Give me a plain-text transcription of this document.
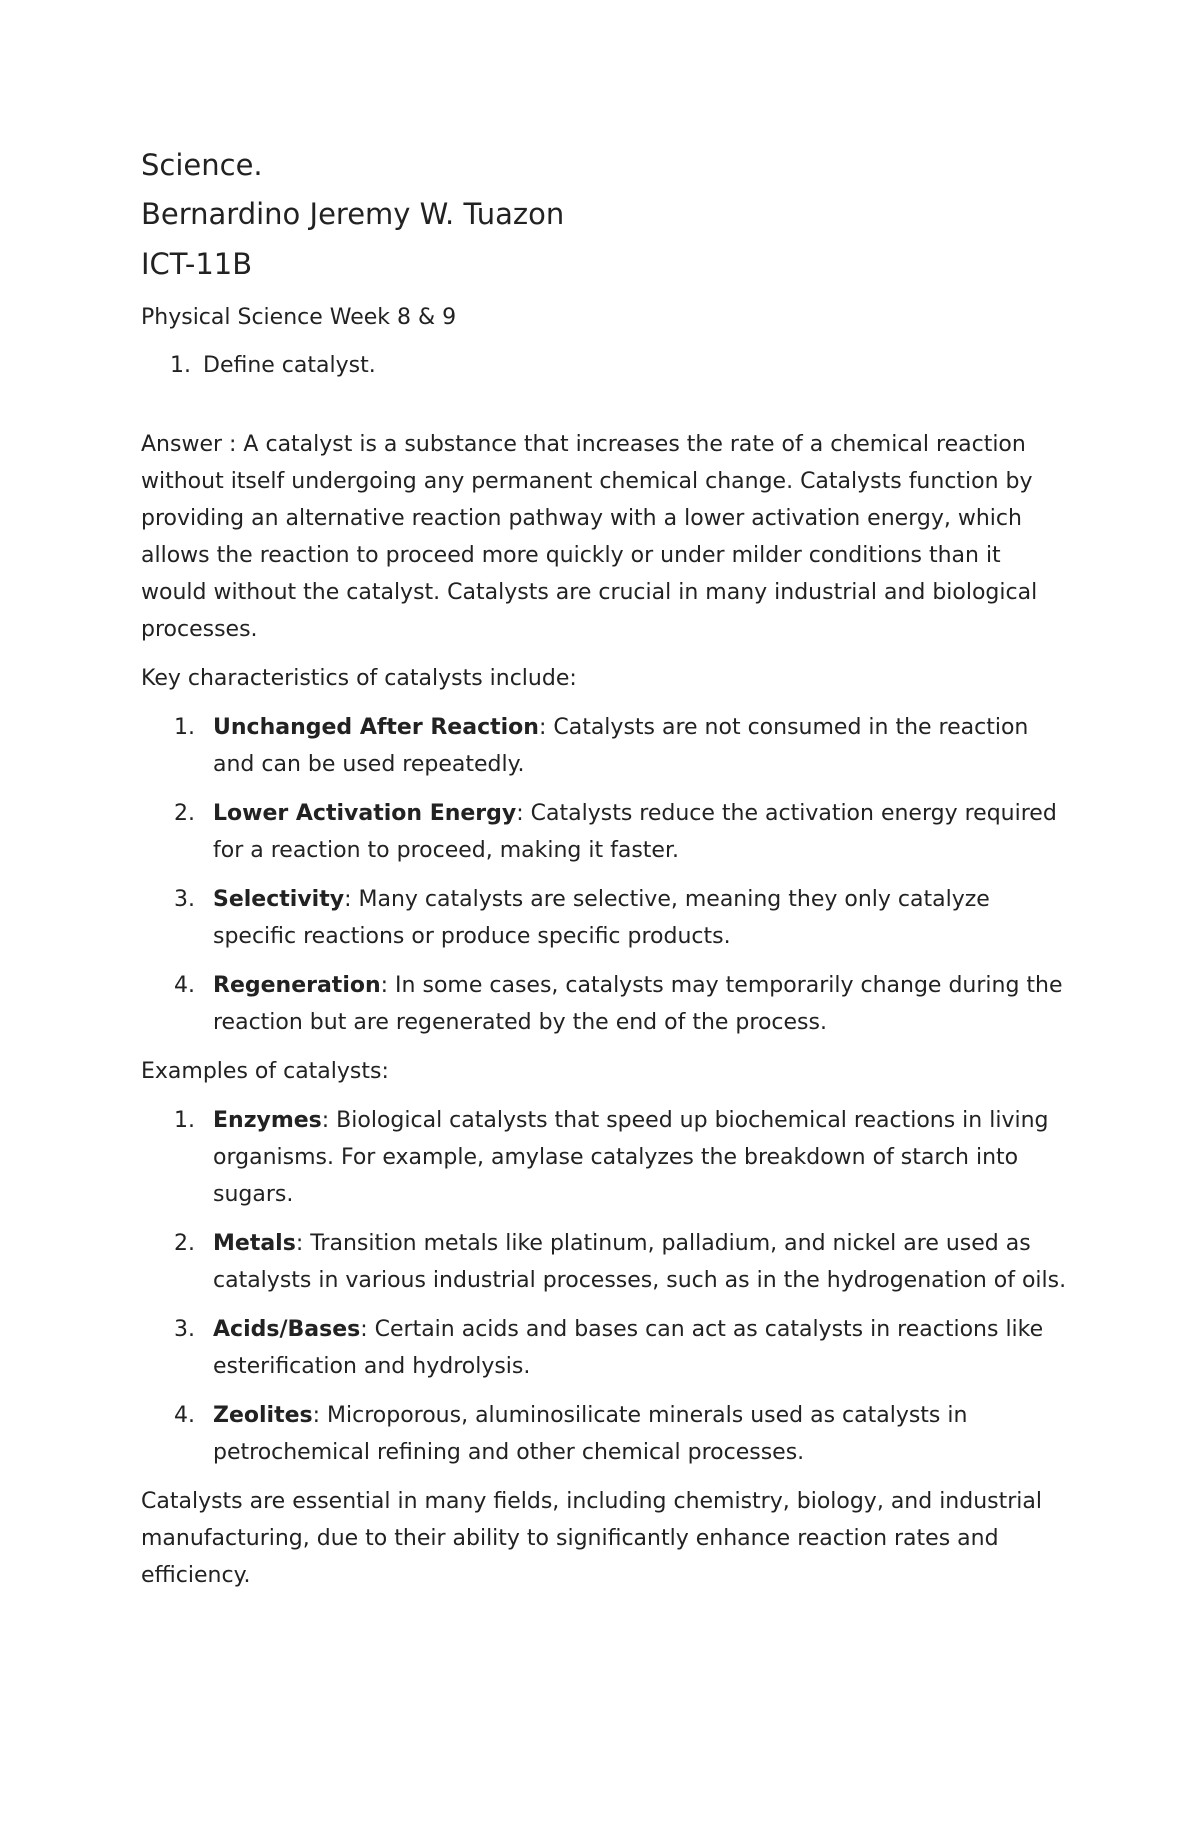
Science.
Bernardino Jeremy W. Tuazon
ICT-11B

Physical Science Week 8 & 9

1. Define catalyst.

Answer : A catalyst is a substance that increases the rate of a chemical reaction without itself undergoing any permanent chemical change. Catalysts function by providing an alternative reaction pathway with a lower activation energy, which allows the reaction to proceed more quickly or under milder conditions than it would without the catalyst. Catalysts are crucial in many industrial and biological processes.

Key characteristics of catalysts include:

1. Unchanged After Reaction: Catalysts are not consumed in the reaction and can be used repeatedly.
2. Lower Activation Energy: Catalysts reduce the activation energy required for a reaction to proceed, making it faster.
3. Selectivity: Many catalysts are selective, meaning they only catalyze specific reactions or produce specific products.
4. Regeneration: In some cases, catalysts may temporarily change during the reaction but are regenerated by the end of the process.

Examples of catalysts:

1. Enzymes: Biological catalysts that speed up biochemical reactions in living organisms. For example, amylase catalyzes the breakdown of starch into sugars.
2. Metals: Transition metals like platinum, palladium, and nickel are used as catalysts in various industrial processes, such as in the hydrogenation of oils.
3. Acids/Bases: Certain acids and bases can act as catalysts in reactions like esterification and hydrolysis.
4. Zeolites: Microporous, aluminosilicate minerals used as catalysts in petrochemical refining and other chemical processes.

Catalysts are essential in many fields, including chemistry, biology, and industrial manufacturing, due to their ability to significantly enhance reaction rates and efficiency.
